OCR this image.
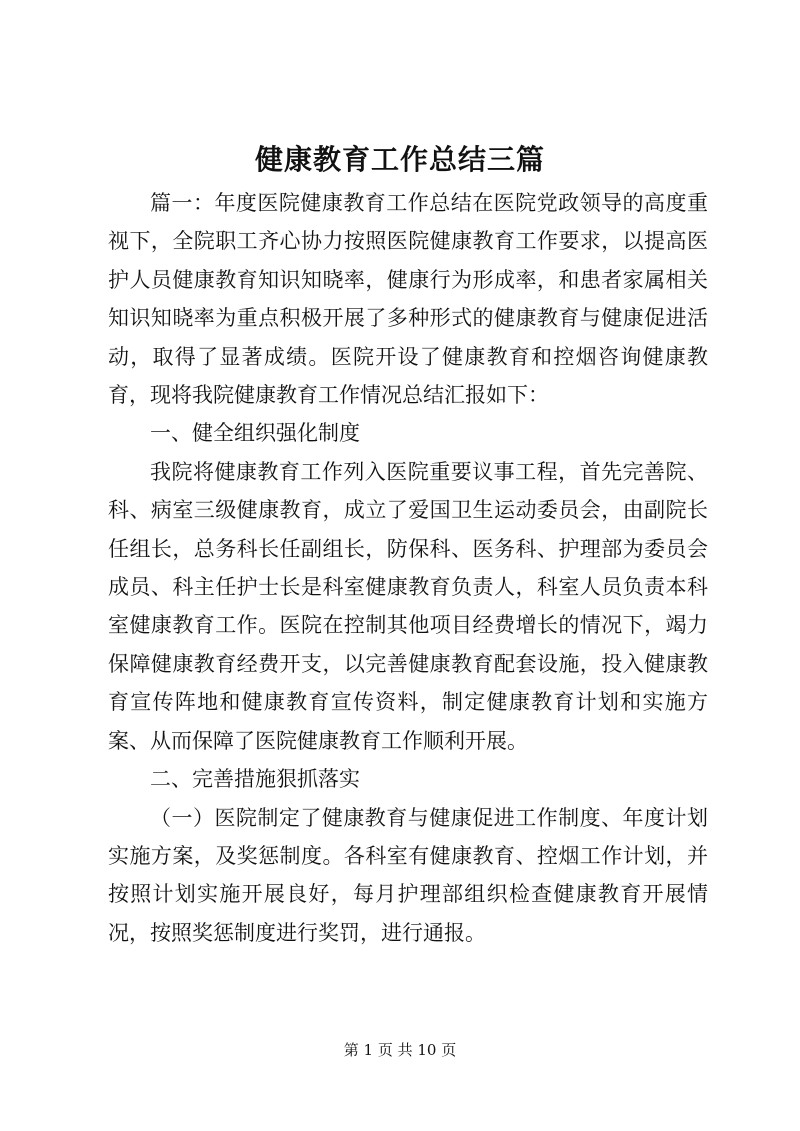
健康教育工作总结三篇

篇一：年度医院健康教育工作总结在医院党政领导的高度重视下，全院职工齐心协力按照医院健康教育工作要求，以提高医护人员健康教育知识知晓率，健康行为形成率，和患者家属相关知识知晓率为重点积极开展了多种形式的健康教育与健康促进活动，取得了显著成绩。医院开设了健康教育和控烟咨询健康教育，现将我院健康教育工作情况总结汇报如下：

一、健全组织强化制度

我院将健康教育工作列入医院重要议事工程，首先完善院、科、病室三级健康教育，成立了爱国卫生运动委员会，由副院长任组长，总务科长任副组长，防保科、医务科、护理部为委员会成员、科主任护士长是科室健康教育负责人，科室人员负责本科室健康教育工作。医院在控制其他项目经费增长的情况下，竭力保障健康教育经费开支，以完善健康教育配套设施，投入健康教育宣传阵地和健康教育宣传资料，制定健康教育计划和实施方案、从而保障了医院健康教育工作顺利开展。

二、完善措施狠抓落实

（一）医院制定了健康教育与健康促进工作制度、年度计划实施方案，及奖惩制度。各科室有健康教育、控烟工作计划，并按照计划实施开展良好，每月护理部组织检查健康教育开展情况，按照奖惩制度进行奖罚，进行通报。

第 1 页 共 10 页
